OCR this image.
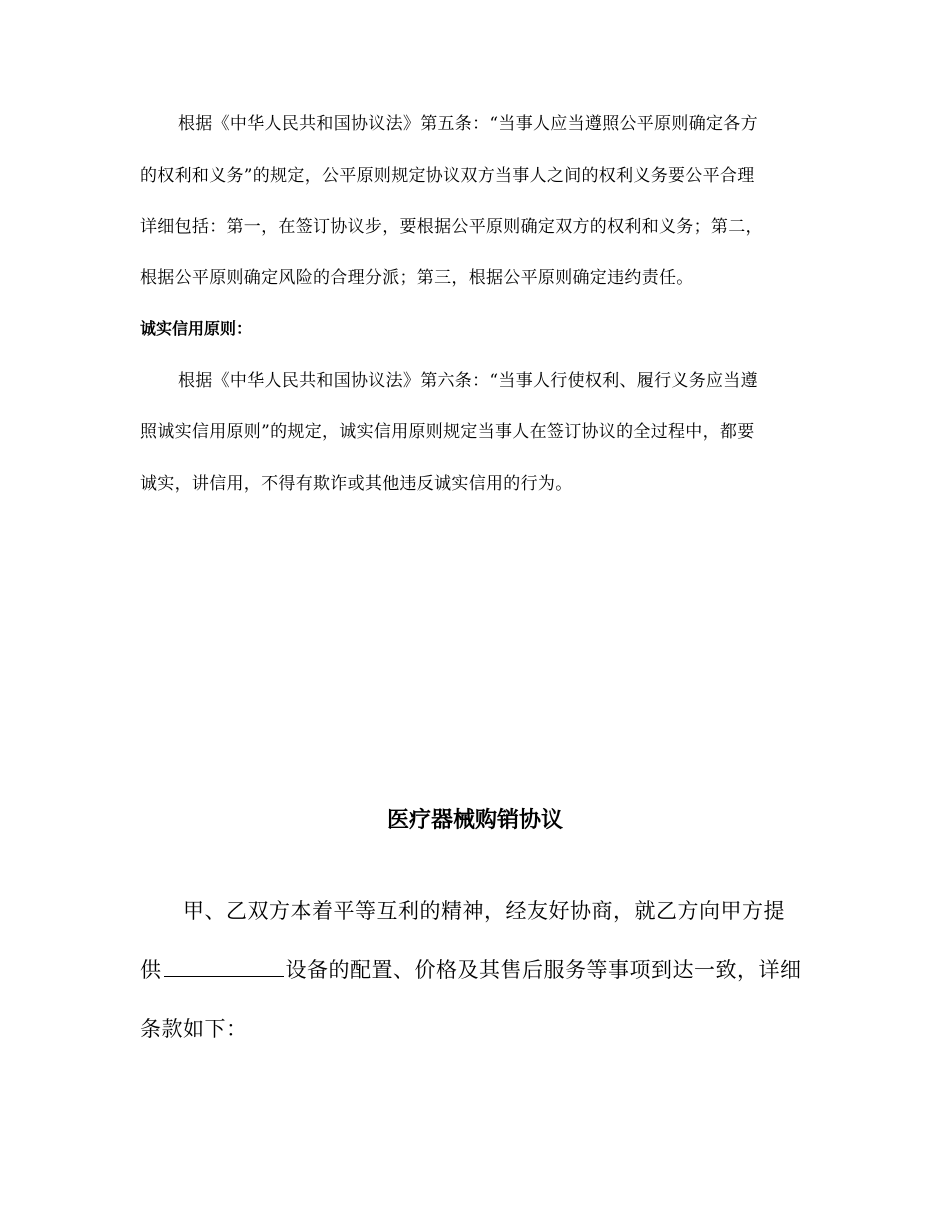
根据《中华人民共和国协议法》第五条：“当事人应当遵照公平原则确定各方
的权利和义务”的规定，公平原则规定协议双方当事人之间的权利义务要公平合理
详细包括：第一，在签订协议步，要根据公平原则确定双方的权利和义务；第二，
根据公平原则确定风险的合理分派；第三，根据公平原则确定违约责任。
诚实信用原则：
根据《中华人民共和国协议法》第六条：“当事人行使权利、履行义务应当遵
照诚实信用原则”的规定，诚实信用原则规定当事人在签订协议的全过程中，都要
诚实，讲信用，不得有欺诈或其他违反诚实信用的行为。
医疗器械购销协议
甲、乙双方本着平等互利的精神，经友好协商，就乙方向甲方提
供	设备的配置、价格及其售后服务等事项到达一致，详细
条款如下：
